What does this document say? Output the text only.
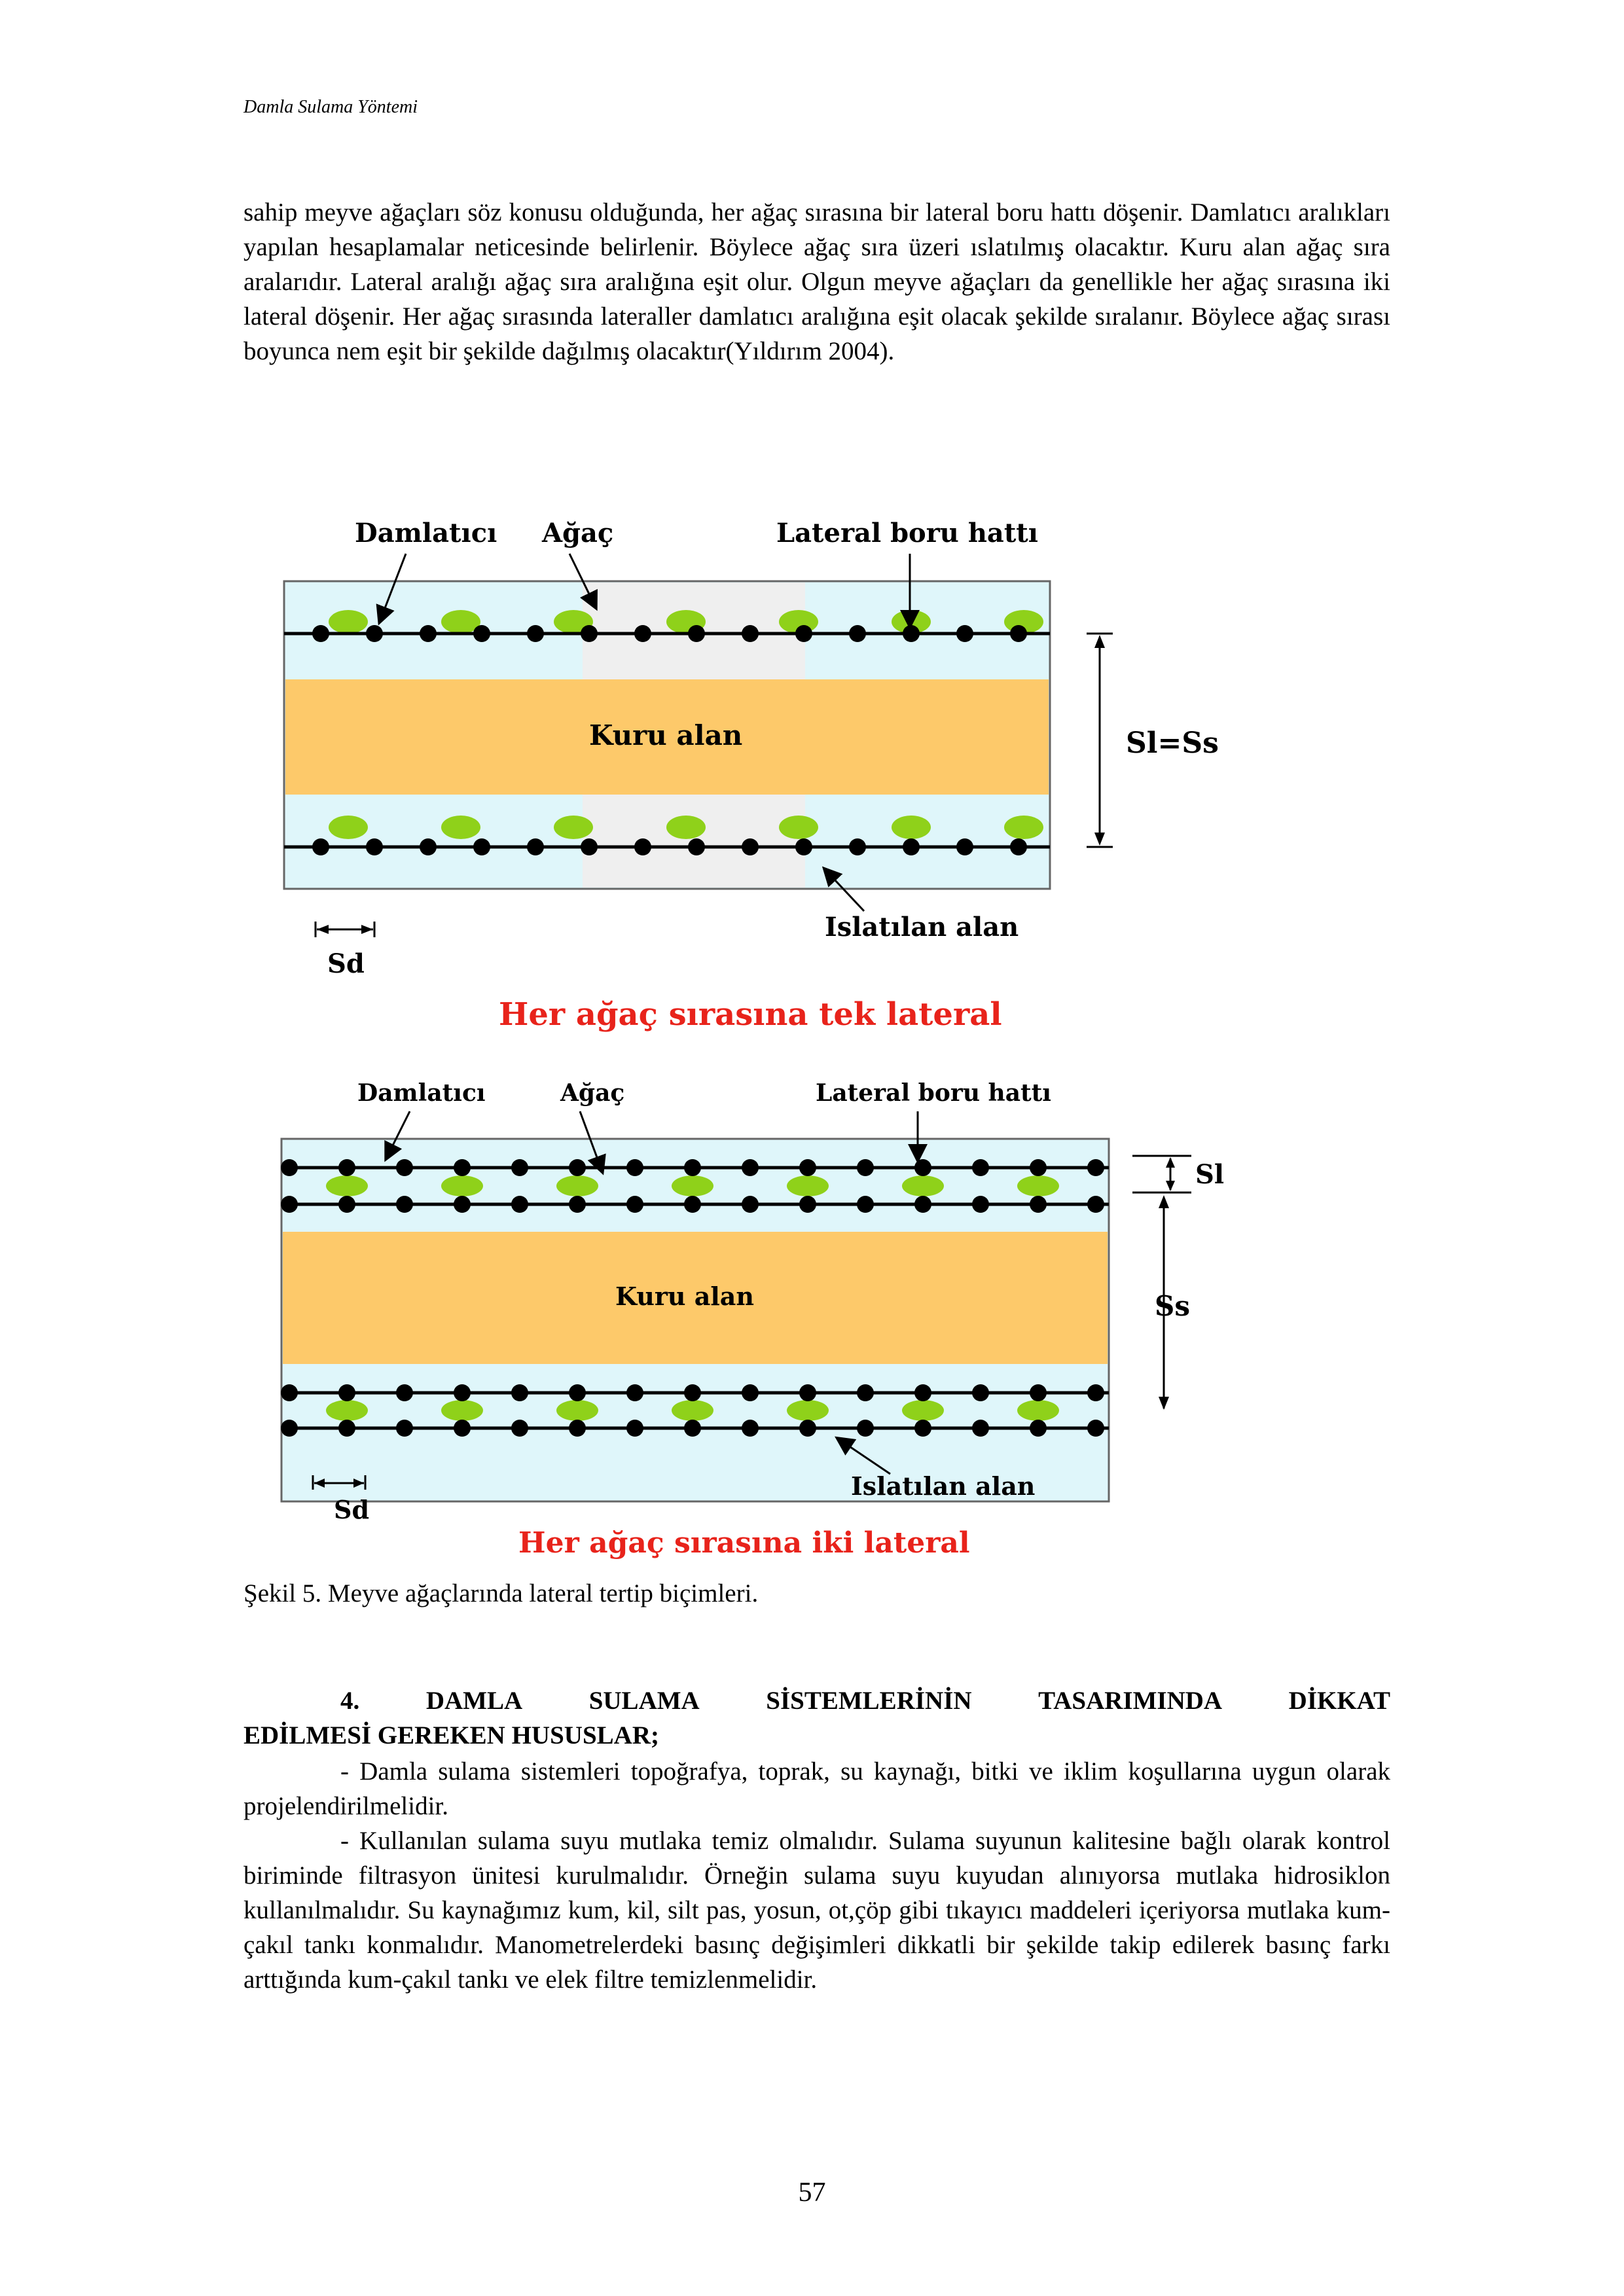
Damla Sulama Yöntemi

sahip meyve ağaçları söz konusu olduğunda, her ağaç sırasına bir lateral boru hattı döşenir. Damlatıcı aralıkları yapılan hesaplamalar neticesinde belirlenir. Böylece ağaç sıra üzeri ıslatılmış olacaktır. Kuru alan ağaç sıra aralarıdır. Lateral aralığı ağaç sıra aralığına eşit olur. Olgun meyve ağaçları da genellikle her ağaç sırasına iki lateral döşenir. Her ağaç sırasında lateraller damlatıcı aralığına eşit olacak şekilde sıralanır. Böylece ağaç sırası boyunca nem eşit bir şekilde dağılmış olacaktır(Yıldırım 2004).

Damlatıcı Ağaç	Lateral boru hattı
Kuru alan	Sl=Ss
Islatılan alan
Sd
Her ağaç sırasına tek lateral
Damlatıcı	Ağaç	Lateral boru hattı
Kuru alan
Sl
Ss
Islatılan alan
Sd
Her ağaç sırasına iki lateral
Şekil 5. Meyve ağaçlarında lateral tertip biçimleri.
4.	DAMLA	SULAMA	SİSTEMLERİNİN	TASARIMINDA	DİKKAT
EDİLMESİ GEREKEN HUSUSLAR;
- Damla sulama sistemleri topoğrafya, toprak, su kaynağı, bitki ve iklim koşullarına uygun olarak projelendirilmelidir.
- Kullanılan sulama suyu mutlaka temiz olmalıdır. Sulama suyunun kalitesine bağlı olarak kontrol biriminde filtrasyon ünitesi kurulmalıdır. Örneğin sulama suyu kuyudan alınıyorsa mutlaka hidrosiklon kullanılmalıdır. Su kaynağımız kum, kil, silt pas, yosun, ot,çöp gibi tıkayıcı maddeleri içeriyorsa mutlaka kum-çakıl tankı konmalıdır. Manometrelerdeki basınç değişimleri dikkatli bir şekilde takip edilerek basınç farkı arttığında kum-çakıl tankı ve elek filtre temizlenmelidir.
57
